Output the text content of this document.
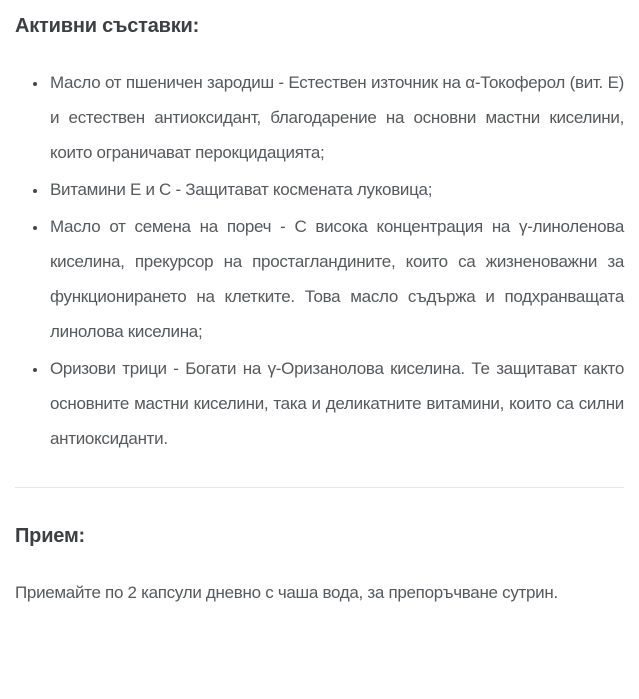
Активни съставки:
• Масло от пшеничен зародиш - Естествен източник на α-Токоферол (вит. Е) и естествен антиоксидант, благодарение на основни мастни киселини, които ограничават перокцидацията;
• Витамини Е и С - Защитават космената луковица;
• Масло от семена на пореч - С висока концентрация на γ-линоленова киселина, прекурсор на простагландините, които са жизненоважни за функционирането на клетките. Това масло съдържа и подхранващата линолова киселина;
• Оризови трици - Богати на γ-Оризанолова киселина. Те защитават както основните мастни киселини, така и деликатните витамини, които са силни антиоксиданти.
Прием:

Приемайте по 2 капсули дневно с чаша вода, за препоръчване сутрин.
